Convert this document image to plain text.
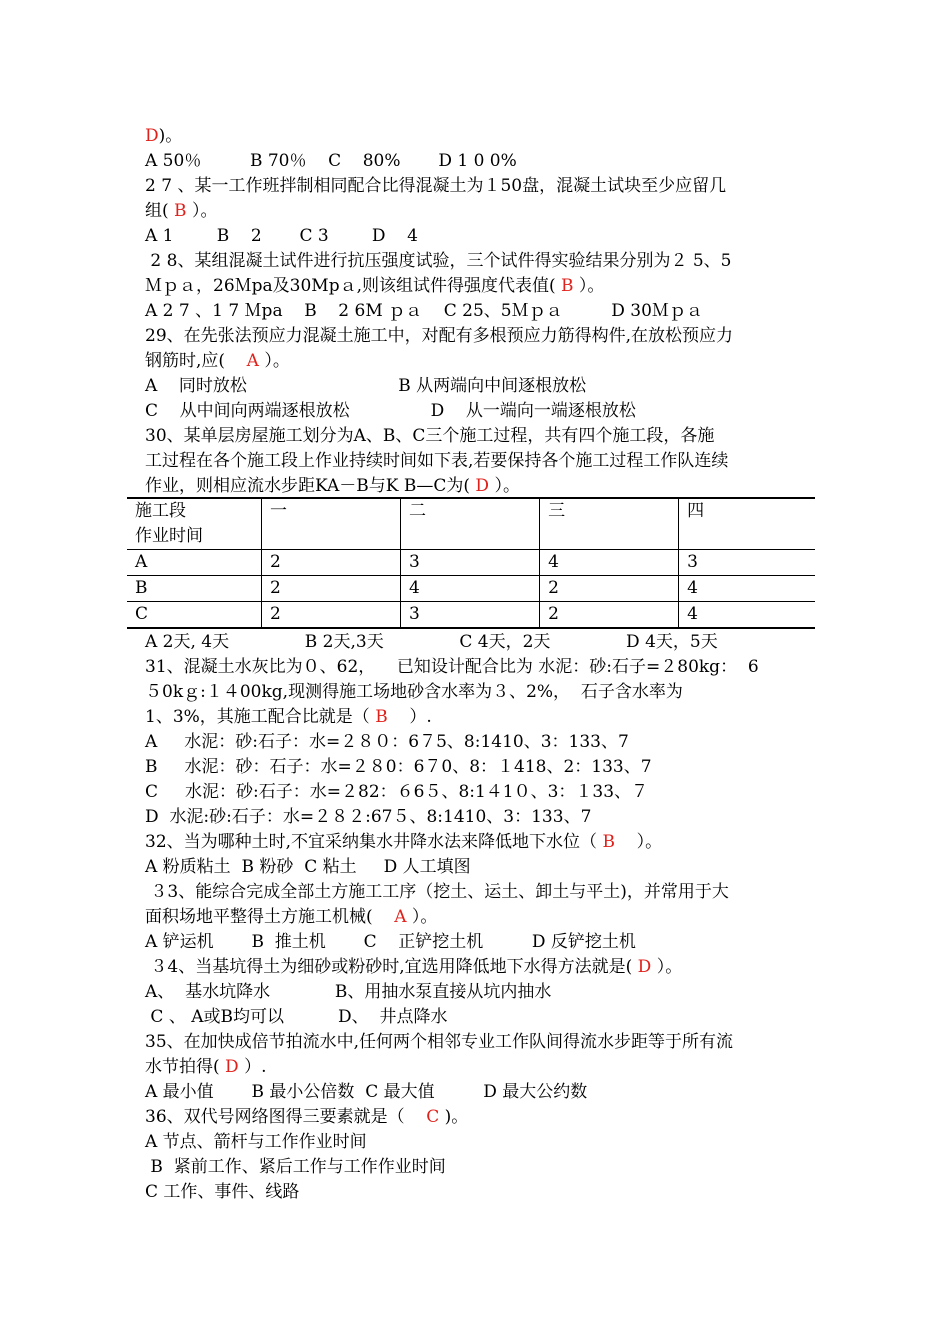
D)。
A 50％         B 70％    C    80%       D 1 0 0%
2 7 、某一工作班拌制相同配合比得混凝土为１50盘，混凝土试块至少应留几
组( B ）。
A 1        B    2       C 3        D    4
2 8、某组混凝土试件进行抗压强度试验，三个试件得实验结果分别为２ 5、5
Ｍｐａ，26Ｍpa及30Mpａ,则该组试件得强度代表值( B ）。
A 2 7 、1 7 Ｍpa    B    2 6M ｐａ    C 25、5Ｍｐａ         D 30Ｍｐａ
29、在先张法预应力混凝土施工中，对配有多根预应力筋得构件,在放松预应力
钢筋时,应(    A ）。
A    同时放松                            B 从两端向中间逐根放松
C    从中间向两端逐根放松               D    从一端向一端逐根放松
30、某单层房屋施工划分为A、B、C三个施工过程，共有四个施工段，各施
工过程在各个施工段上作业持续时间如下表,若要保持各个施工过程工作队连续
作业，则相应流水步距KA－B与K B—C为( D ）。
A 2天, 4天              B 2天,3天              C 4天，2天              D 4天，5天
31、混凝土水灰比为０、62，    已知设计配合比为 水泥：砂:石子=２80kg：  6
５0kｇ:１４00kg,现测得施工场地砂含水率为３、2%，  石子含水率为
1、3%，其施工配合比就是（ B    ）.
A     水泥：砂:石子：水=２８０：6７5、8:1410、3：133、7
B     水泥：砂：石子：水=２８0：6７0、8：１418、2：133、7
C     水泥：砂:石子：水=２82：６6５、8:1４1０、3：１33、７
D  水泥:砂:石子：水=２８２:67５、8:1410、3：133、7
32、当为哪种土时,不宜采纳集水井降水法来降低地下水位（ B    ）。
A 粉质粘土  B 粉砂  C 粘土     D 人工填图
３3、能综合完成全部土方施工工序（挖土、运土、卸土与平土)，并常用于大
面积场地平整得土方施工机械(    A ）。
A 铲运机       B  推土机       C    正铲挖土机         D 反铲挖土机
３4、当基坑得土为细砂或粉砂时,宜选用降低地下水得方法就是( D ）。
A、  基水坑降水            B、用抽水泵直接从坑内抽水
C 、 A或B均可以          D、  井点降水
35、在加快成倍节拍流水中,任何两个相邻专业工作队间得流水步距等于所有流
水节拍得( D ）.
A 最小值       B 最小公倍数  C 最大值         D 最大公约数
36、双代号网络图得三要素就是（    C )。
A 节点、箭杆与工作作业时间
B  紧前工作、紧后工作与工作作业时间
C 工作、事件、线路
施工段
作业时间	一	二	三	四
A	2	3	4	3
B	2	4	2	4
C	2	3	2	4
